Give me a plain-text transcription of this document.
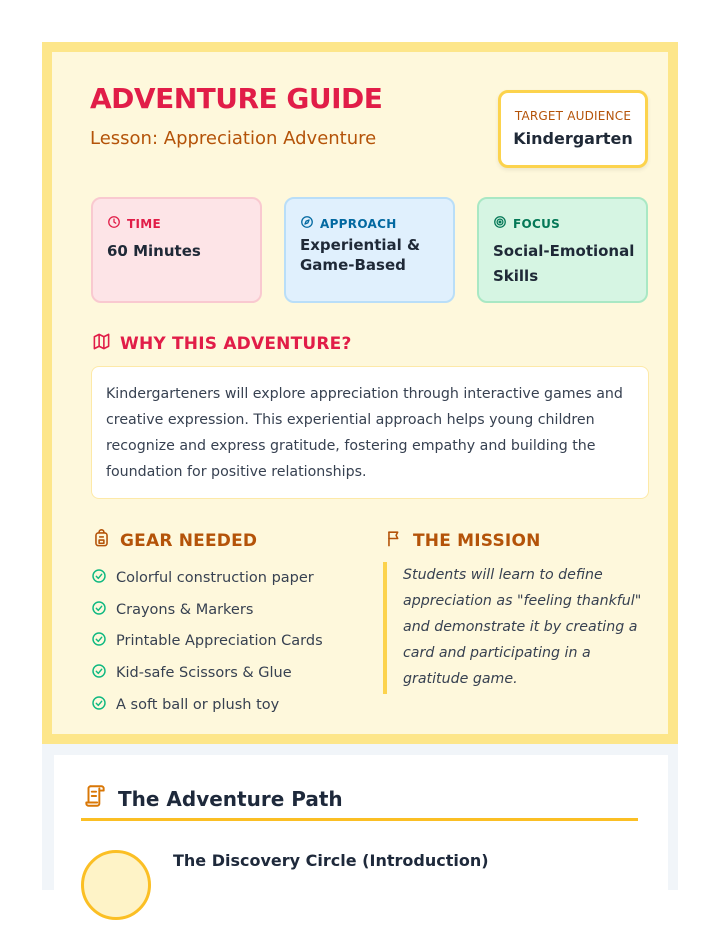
ADVENTURE GUIDE
Lesson: Appreciation Adventure
TARGET AUDIENCE
Kindergarten
TIME
60 Minutes
APPROACH
Experiential & Game-Based
FOCUS
Social-Emotional Skills
WHY THIS ADVENTURE?
Kindergarteners will explore appreciation through interactive games and creative expression. This experiential approach helps young children recognize and express gratitude, fostering empathy and building the foundation for positive relationships.
GEAR NEEDED
Colorful construction paper
Crayons & Markers
Printable Appreciation Cards
Kid-safe Scissors & Glue
A soft ball or plush toy
THE MISSION
Students will learn to define appreciation as "feeling thankful" and demonstrate it by creating a card and participating in a gratitude game.
The Adventure Path
The Discovery Circle (Introduction)
